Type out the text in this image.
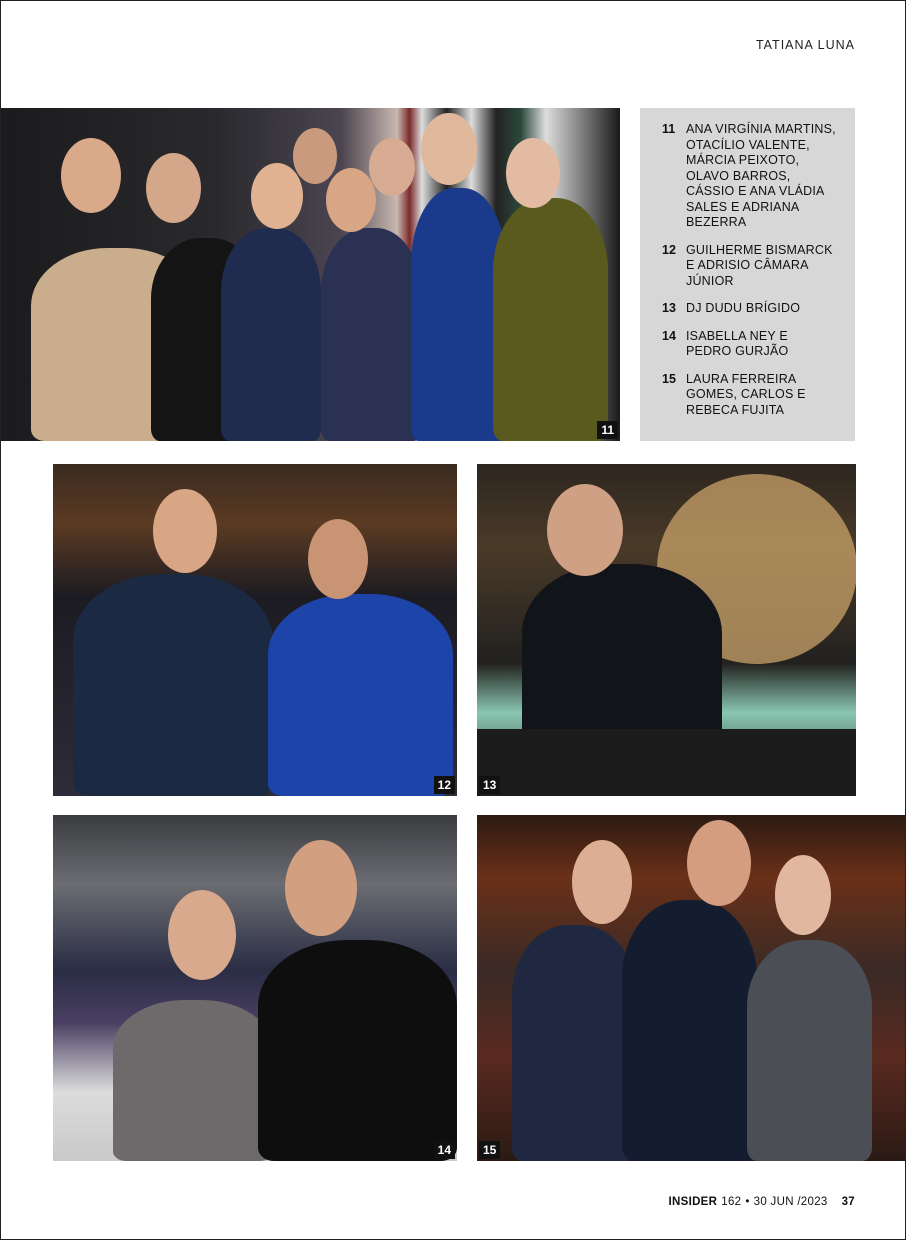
TATIANA LUNA
11
11 ANA VIRGÍNIA MARTINS, OTACÍLIO VALENTE, MÁRCIA PEIXOTO, OLAVO BARROS, CÁSSIO E ANA VLÁDIA SALES E ADRIANA BEZERRA
12 GUILHERME BISMARCK E ADRISIO CÂMARA JÚNIOR
13 DJ DUDU BRÍGIDO
14 ISABELLA NEY E PEDRO GURJÃO
15 LAURA FERREIRA GOMES, CARLOS E REBECA FUJITA
12	13
14	15
INSIDER 162 • 30 JUN /2023 37
